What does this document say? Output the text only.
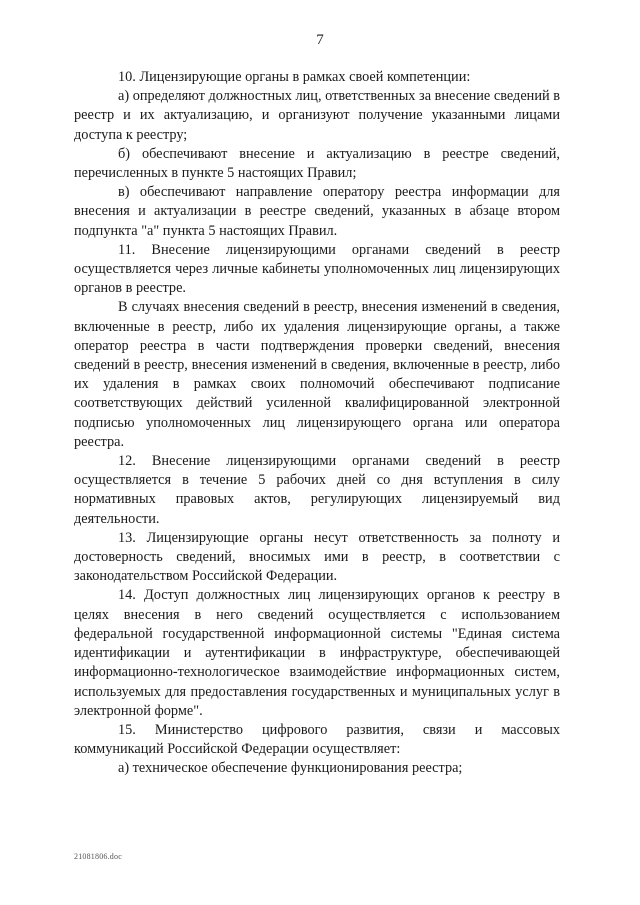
7

10. Лицензирующие органы в рамках своей компетенции:

а) определяют должностных лиц, ответственных за внесение сведений в реестр и их актуализацию, и организуют получение указанными лицами доступа к реестру;

б) обеспечивают внесение и актуализацию в реестре сведений, перечисленных в пункте 5 настоящих Правил;

в) обеспечивают направление оператору реестра информации для внесения и актуализации в реестре сведений, указанных в абзаце втором подпункта "а" пункта 5 настоящих Правил.

11. Внесение лицензирующими органами сведений в реестр осуществляется через личные кабинеты уполномоченных лиц лицензирующих органов в реестре.

В случаях внесения сведений в реестр, внесения изменений в сведения, включенные в реестр, либо их удаления лицензирующие органы, а также оператор реестра в части подтверждения проверки сведений, внесения сведений в реестр, внесения изменений в сведения, включенные в реестр, либо их удаления в рамках своих полномочий обеспечивают подписание соответствующих действий усиленной квалифицированной электронной подписью уполномоченных лиц лицензирующего органа или оператора реестра.

12. Внесение лицензирующими органами сведений в реестр осуществляется в течение 5 рабочих дней со дня вступления в силу нормативных правовых актов, регулирующих лицензируемый вид деятельности.

13. Лицензирующие органы несут ответственность за полноту и достоверность сведений, вносимых ими в реестр, в соответствии с законодательством Российской Федерации.

14. Доступ должностных лиц лицензирующих органов к реестру в целях внесения в него сведений осуществляется с использованием федеральной государственной информационной системы "Единая система идентификации и аутентификации в инфраструктуре, обеспечивающей информационно-технологическое взаимодействие информационных систем, используемых для предоставления государственных и муниципальных услуг в электронной форме".

15. Министерство цифрового развития, связи и массовых коммуникаций Российской Федерации осуществляет:

а) техническое обеспечение функционирования реестра;

21081806.doc
